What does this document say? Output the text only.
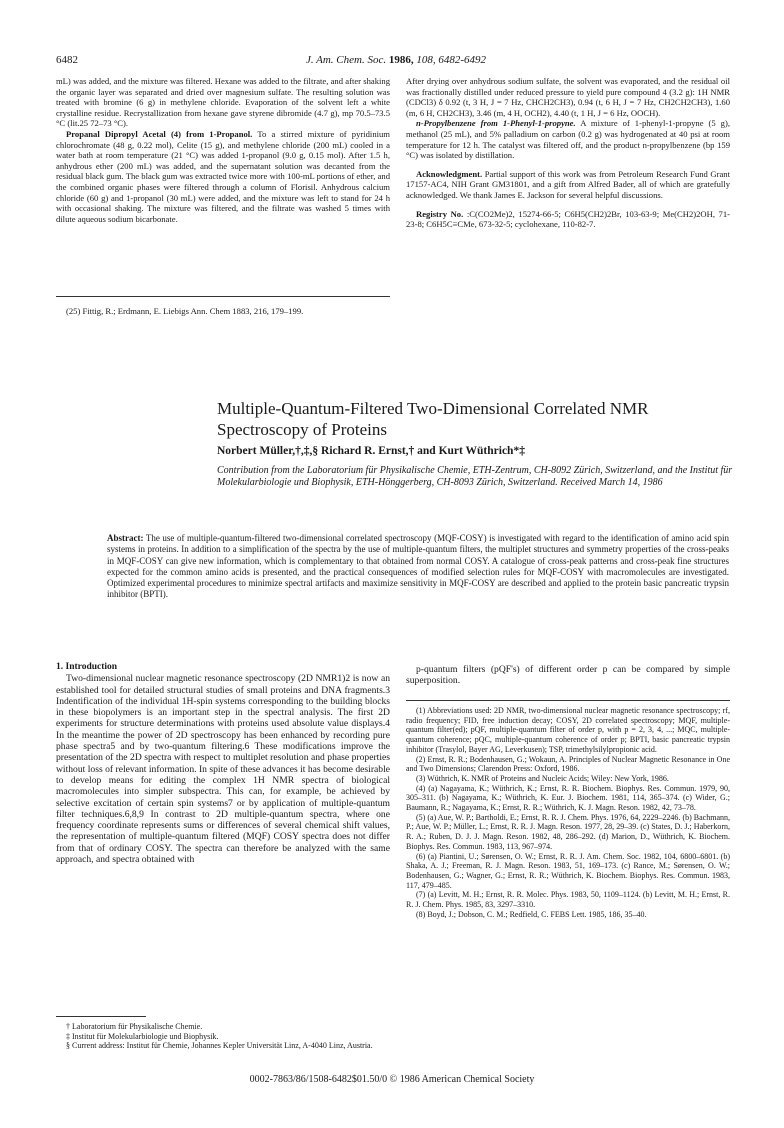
6482	J. Am. Chem. Soc. 1986, 108, 6482-6492

mL) was added, and the mixture was filtered. Hexane was added to the filtrate, and after shaking the organic layer was separated and dried over magnesium sulfate. The resulting solution was treated with bromine (6 g) in methylene chloride. Evaporation of the solvent left a white crystalline residue. Recrystallization from hexane gave styrene dibromide (4.7 g), mp 70.5–73.5 °C (lit.25 72–73 °C).

Propanal Dipropyl Acetal (4) from 1-Propanol. To a stirred mixture of pyridinium chlorochromate (48 g, 0.22 mol), Celite (15 g), and methylene chloride (200 mL) cooled in a water bath at room temperature (21 °C) was added 1-propanol (9.0 g, 0.15 mol). After 1.5 h, anhydrous ether (200 mL) was added, and the supernatant solution was decanted from the residual black gum. The black gum was extracted twice more with 100-mL portions of ether, and the combined organic phases were filtered through a column of Florisil. Anhydrous calcium chloride (60 g) and 1-propanol (30 mL) were added, and the mixture was left to stand for 24 h with occasional shaking. The mixture was filtered, and the filtrate was washed 5 times with dilute aqueous sodium bicarbonate.

(25) Fittig, R.; Erdmann, E. Liebigs Ann. Chem 1883, 216, 179–199.

After drying over anhydrous sodium sulfate, the solvent was evaporated, and the residual oil was fractionally distilled under reduced pressure to yield pure compound 4 (3.2 g): 1H NMR (CDCl3) δ 0.92 (t, 3 H, J = 7 Hz, CHCH2CH3), 0.94 (t, 6 H, J = 7 Hz, CH2CH2CH3), 1.60 (m, 6 H, CH2CH3), 3.46 (m, 4 H, OCH2), 4.40 (t, 1 H, J = 6 Hz, OOCH).

n-Propylbenzene from 1-Phenyl-1-propyne. A mixture of 1-phenyl-1-propyne (5 g), methanol (25 mL), and 5% palladium on carbon (0.2 g) was hydrogenated at 40 psi at room temperature for 12 h. The catalyst was filtered off, and the product n-propylbenzene (bp 159 °C) was isolated by distillation.

Acknowledgment. Partial support of this work was from Petroleum Research Fund Grant 17157-AC4, NIH Grant GM31801, and a gift from Alfred Bader, all of which are gratefully acknowledged. We thank James E. Jackson for several helpful discussions.

Registry No. :C(CO2Me)2, 15274-66-5; C6H5(CH2)2Br, 103-63-9; Me(CH2)2OH, 71-23-8; C6H5C≡CMe, 673-32-5; cyclohexane, 110-82-7.

Multiple-Quantum-Filtered Two-Dimensional Correlated NMR Spectroscopy of Proteins
Norbert Müller,†,‡,§ Richard R. Ernst,† and Kurt Wüthrich*‡
Contribution from the Laboratorium für Physikalische Chemie, ETH-Zentrum, CH-8092 Zürich, Switzerland, and the Institut für Molekularbiologie und Biophysik, ETH-Hönggerberg, CH-8093 Zürich, Switzerland. Received March 14, 1986
Abstract: The use of multiple-quantum-filtered two-dimensional correlated spectroscopy (MQF-COSY) is investigated with regard to the identification of amino acid spin systems in proteins. In addition to a simplification of the spectra by the use of multiple-quantum filters, the multiplet structures and symmetry properties of the cross-peaks in MQF-COSY can give new information, which is complementary to that obtained from normal COSY. A catalogue of cross-peak patterns and cross-peak fine structures expected for the common amino acids is presented, and the practical consequences of modified selection rules for MQF-COSY with macromolecules are investigated. Optimized experimental procedures to minimize spectral artifacts and maximize sensitivity in MQF-COSY are described and applied to the protein basic pancreatic trypsin inhibitor (BPTI).

1. Introduction

Two-dimensional nuclear magnetic resonance spectroscopy (2D NMR1)2 is now an established tool for detailed structural studies of small proteins and DNA fragments.3 Indentification of the individual 1H-spin systems corresponding to the building blocks in these biopolymers is an important step in the spectral analysis. The first 2D experiments for structure determinations with proteins used absolute value displays.4 In the meantime the power of 2D spectroscopy has been enhanced by recording pure phase spectra5 and by two-quantum filtering.6 These modifications improve the presentation of the 2D spectra with respect to multiplet resolution and phase properties without loss of relevant information. In spite of these advances it has become desirable to develop means for editing the complex 1H NMR spectra of biological macromolecules into simpler subspectra. This can, for example, be achieved by selective excitation of certain spin systems7 or by application of multiple-quantum filter techniques.6,8,9 In contrast to 2D multiple-quantum spectra, where one frequency coordinate represents sums or differences of several chemical shift values, the representation of multiple-quantum filtered (MQF) COSY spectra does not differ from that of ordinary COSY. The spectra can therefore be analyzed with the same approach, and spectra obtained with

† Laboratorium für Physikalische Chemie.

‡ Institut für Molekularbiologie und Biophysik.

§ Current address: Institut für Chemie, Johannes Kepler Universität Linz, A-4040 Linz, Austria.

p-quantum filters (pQF's) of different order p can be compared by simple superposition.

(1) Abbreviations used: 2D NMR, two-dimensional nuclear magnetic resonance spectroscopy; rf, radio frequency; FID, free induction decay; COSY, 2D correlated spectroscopy; MQF, multiple-quantum filter(ed); pQF, multiple-quantum filter of order p, with p = 2, 3, 4, ...; MQC, multiple-quantum coherence; pQC, multiple-quantum coherence of order p; BPTI, basic pancreatic trypsin inhibitor (Trasylol, Bayer AG, Leverkusen); TSP, trimethylsilylpropionic acid.

(2) Ernst, R. R.; Bodenhausen, G.; Wokaun, A. Principles of Nuclear Magnetic Resonance in One and Two Dimensions; Clarendon Press: Oxford, 1986.

(3) Wüthrich, K. NMR of Proteins and Nucleic Acids; Wiley: New York, 1986.

(4) (a) Nagayama, K.; Wüthrich, K.; Ernst, R. R. Biochem. Biophys. Res. Commun. 1979, 90, 305–311. (b) Nagayama, K.; Wüthrich, K. Eur. J. Biochem. 1981, 114, 365–374. (c) Wider, G.; Baumann, R.; Nagayama, K.; Ernst, R. R.; Wüthrich, K. J. Magn. Reson. 1982, 42, 73–78.

(5) (a) Aue, W. P.; Bartholdi, E.; Ernst, R. R. J. Chem. Phys. 1976, 64, 2229–2246. (b) Bachmann, P.; Aue, W. P.; Müller, L.; Ernst, R. R. J. Magn. Reson. 1977, 28, 29–39. (c) States, D. J.; Haberkorn, R. A.; Ruben, D. J. J. Magn. Reson. 1982, 48, 286–292. (d) Marion, D., Wüthrich, K. Biochem. Biophys. Res. Commun. 1983, 113, 967–974.

(6) (a) Piantini, U.; Sørensen, O. W.; Ernst, R. R. J. Am. Chem. Soc. 1982, 104, 6800–6801. (b) Shaka, A. J.; Freeman, R. J. Magn. Reson. 1983, 51, 169–173. (c) Rance, M.; Sørensen, O. W.; Bodenhausen, G.; Wagner, G.; Ernst, R. R.; Wüthrich, K. Biochem. Biophys. Res. Commun. 1983, 117, 479–485.

(7) (a) Levitt, M. H.; Ernst, R. R. Molec. Phys. 1983, 50, 1109–1124. (b) Levitt, M. H.; Ernst, R. R. J. Chem. Phys. 1985, 83, 3297–3310.

(8) Boyd, J.; Dobson, C. M.; Redfield, C. FEBS Lett. 1985, 186, 35–40.

0002-7863/86/1508-6482$01.50/0 © 1986 American Chemical Society
